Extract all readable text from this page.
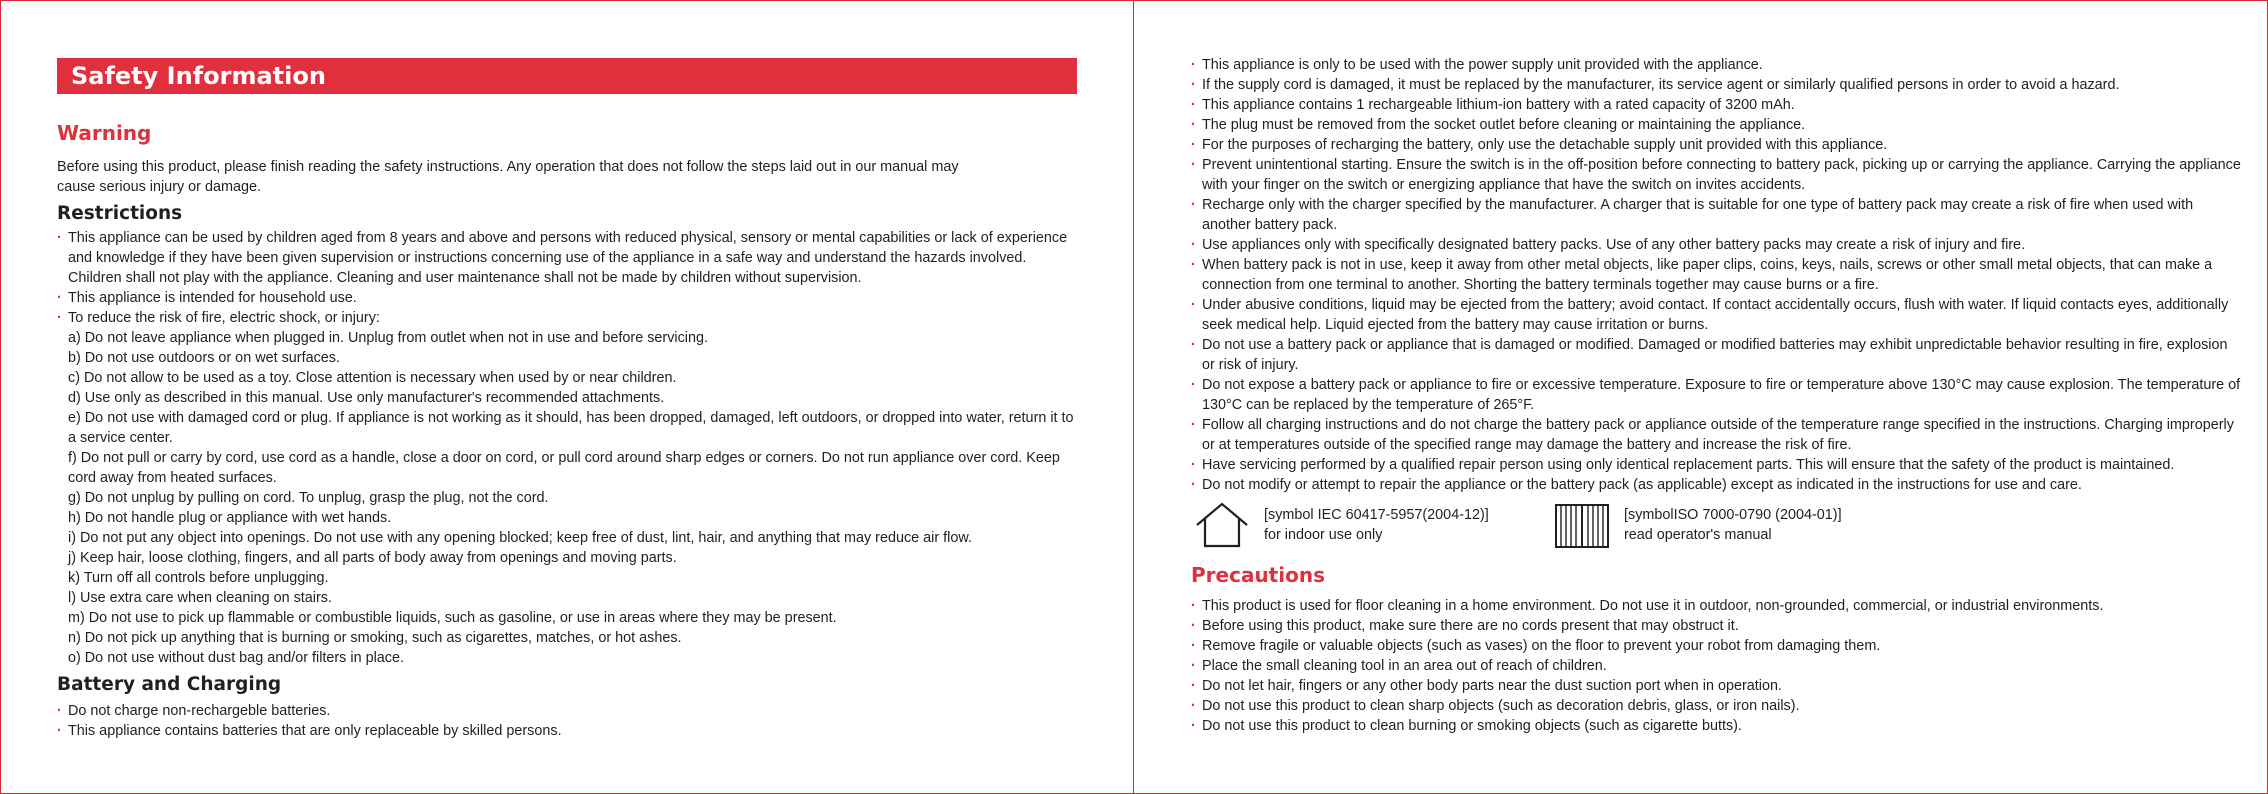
Safety Information
Warning
Before using this product, please finish reading the safety instructions. Any operation that does not follow the steps laid out in our manual may cause serious injury or damage.
Restrictions
· This appliance can be used by children aged from 8 years and above and persons with reduced physical, sensory or mental capabilities or lack of experience and knowledge if they have been given supervision or instructions concerning use of the appliance in a safe way and understand the hazards involved. Children shall not play with the appliance. Cleaning and user maintenance shall not be made by children without supervision.
· This appliance is intended for household use.
· To reduce the risk of fire, electric shock, or injury:
a) Do not leave appliance when plugged in. Unplug from outlet when not in use and before servicing.
b) Do not use outdoors or on wet surfaces.
c) Do not allow to be used as a toy. Close attention is necessary when used by or near children.
d) Use only as described in this manual. Use only manufacturer's recommended attachments.
e) Do not use with damaged cord or plug. If appliance is not working as it should, has been dropped, damaged, left outdoors, or dropped into water, return it to a service center.
f) Do not pull or carry by cord, use cord as a handle, close a door on cord, or pull cord around sharp edges or corners. Do not run appliance over cord. Keep cord away from heated surfaces.
g) Do not unplug by pulling on cord. To unplug, grasp the plug, not the cord.
h) Do not handle plug or appliance with wet hands.
i) Do not put any object into openings. Do not use with any opening blocked; keep free of dust, lint, hair, and anything that may reduce air flow.
j) Keep hair, loose clothing, fingers, and all parts of body away from openings and moving parts.
k) Turn off all controls before unplugging.
l) Use extra care when cleaning on stairs.
m) Do not use to pick up flammable or combustible liquids, such as gasoline, or use in areas where they may be present.
n) Do not pick up anything that is burning or smoking, such as cigarettes, matches, or hot ashes.
o) Do not use without dust bag and/or filters in place.
Battery and Charging
· Do not charge non-rechargeble batteries.
· This appliance contains batteries that are only replaceable by skilled persons.
· This appliance is only to be used with the power supply unit provided with the appliance.
· If the supply cord is damaged, it must be replaced by the manufacturer, its service agent or similarly qualified persons in order to avoid a hazard.
· This appliance contains 1 rechargeable lithium-ion battery with a rated capacity of 3200 mAh.
· The plug must be removed from the socket outlet before cleaning or maintaining the appliance.
· For the purposes of recharging the battery, only use the detachable supply unit provided with this appliance.
· Prevent unintentional starting. Ensure the switch is in the off-position before connecting to battery pack, picking up or carrying the appliance. Carrying the appliance with your finger on the switch or energizing appliance that have the switch on invites accidents.
· Recharge only with the charger specified by the manufacturer. A charger that is suitable for one type of battery pack may create a risk of fire when used with another battery pack.
· Use appliances only with specifically designated battery packs. Use of any other battery packs may create a risk of injury and fire.
· When battery pack is not in use, keep it away from other metal objects, like paper clips, coins, keys, nails, screws or other small metal objects, that can make a connection from one terminal to another. Shorting the battery terminals together may cause burns or a fire.
· Under abusive conditions, liquid may be ejected from the battery; avoid contact. If contact accidentally occurs, flush with water. If liquid contacts eyes, additionally seek medical help. Liquid ejected from the battery may cause irritation or burns.
· Do not use a battery pack or appliance that is damaged or modified. Damaged or modified batteries may exhibit unpredictable behavior resulting in fire, explosion or risk of injury.
· Do not expose a battery pack or appliance to fire or excessive temperature. Exposure to fire or temperature above 130°C may cause explosion. The temperature of 130°C can be replaced by the temperature of 265°F.
· Follow all charging instructions and do not charge the battery pack or appliance outside of the temperature range specified in the instructions. Charging improperly or at temperatures outside of the specified range may damage the battery and increase the risk of fire.
· Have servicing performed by a qualified repair person using only identical replacement parts. This will ensure that the safety of the product is maintained.
· Do not modify or attempt to repair the appliance or the battery pack (as applicable) except as indicated in the instructions for use and care.
[symbol IEC 60417-5957(2004-12)]
for indoor use only
[symbolISO 7000-0790 (2004-01)]
read operator's manual
Precautions
· This product is used for floor cleaning in a home environment. Do not use it in outdoor, non-grounded, commercial, or industrial environments.
· Before using this product, make sure there are no cords present that may obstruct it.
· Remove fragile or valuable objects (such as vases) on the floor to prevent your robot from damaging them.
· Place the small cleaning tool in an area out of reach of children.
· Do not let hair, fingers or any other body parts near the dust suction port when in operation.
· Do not use this product to clean sharp objects (such as decoration debris, glass, or iron nails).
· Do not use this product to clean burning or smoking objects (such as cigarette butts).
